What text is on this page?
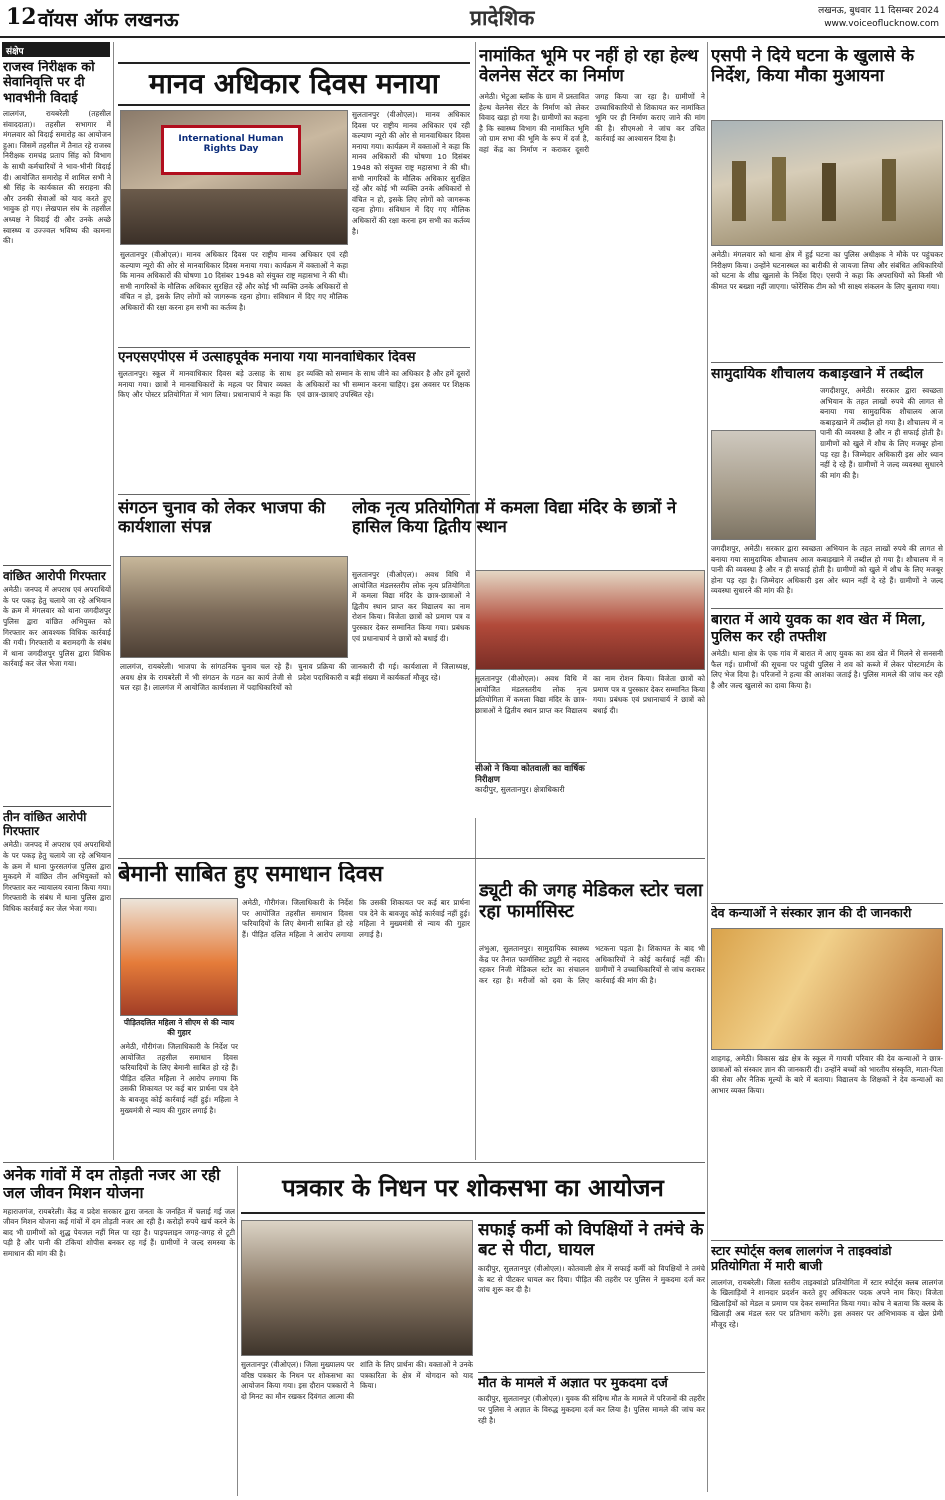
12 वॉयस ऑफ लखनऊ	प्रादेशिक	लखनऊ, बुधवार 11 दिसम्बर 2024
www.voiceoflucknow.com
संक्षेप
राजस्व निरीक्षक को सेवानिवृत्ति पर दी भावभीनी विदाई
लालगंज, रायबरेली (तहसील संवाददाता)। तहसील सभागार में मंगलवार को विदाई समारोह का आयोजन हुआ। जिसमें तहसील में तैनात रहे राजस्व निरीक्षक रामचंद्र प्रताप सिंह को विभाग के साथी कर्मचारियों ने भाव-भीनी विदाई दी। आयोजित समारोह में शामिल सभी ने श्री सिंह के कार्यकाल की सराहना की और उनकी सेवाओं को याद करते हुए भावुक हो गए। लेखपाल संघ के तहसील अध्यक्ष ने विदाई दी और उनके अच्छे स्वास्थ्य व उज्ज्वल भविष्य की कामना की।
वांछित आरोपी गिरफ्तार
अमेठी। जनपद में अपराध एवं अपराधियों के पर पकड़ हेतु चलाये जा रहे अभियान के क्रम में मंगलवार को थाना जगदीशपुर पुलिस द्वारा वांछित अभियुक्त को गिरफ्तार कर आवश्यक विधिक कार्रवाई की गयी। गिरफ्तारी व बरामदगी के संबंध में थाना जगदीशपुर पुलिस द्वारा विधिक कार्रवाई कर जेल भेजा गया।
तीन वांछित आरोपी गिरफ्तार
अमेठी। जनपद में अपराध एवं अपराधियों के पर पकड़ हेतु चलाये जा रहे अभियान के क्रम में थाना फुरसतगंज पुलिस द्वारा मुकदमे में वांछित तीन अभियुक्तों को गिरफ्तार कर न्यायालय रवाना किया गया। गिरफ्तारी के संबंध में थाना पुलिस द्वारा विधिक कार्रवाई कर जेल भेजा गया।
मानव अधिकार दिवस मनाया
International Human Rights Day
सुलतानपुर (वीओएल)। मानव अधिकार दिवस पर राष्ट्रीय मानव अधिकार एवं रही कल्याण न्यूरो की ओर से मानवाधिकार दिवस मनाया गया। कार्यक्रम में वक्ताओं ने कहा कि मानव अधिकारों की घोषणा 10 दिसंबर 1948 को संयुक्त राष्ट्र महासभा ने की थी। सभी नागरिकों के मौलिक अधिकार सुरक्षित रहें और कोई भी व्यक्ति उनके अधिकारों से वंचित न हो, इसके लिए लोगों को जागरूक रहना होगा। संविधान में दिए गए मौलिक अधिकारों की रक्षा करना हम सभी का कर्तव्य है।
सुलतानपुर (वीओएल)। मानव अधिकार दिवस पर राष्ट्रीय मानव अधिकार एवं रही कल्याण न्यूरो की ओर से मानवाधिकार दिवस मनाया गया। कार्यक्रम में वक्ताओं ने कहा कि मानव अधिकारों की घोषणा 10 दिसंबर 1948 को संयुक्त राष्ट्र महासभा ने की थी। सभी नागरिकों के मौलिक अधिकार सुरक्षित रहें और कोई भी व्यक्ति उनके अधिकारों से वंचित न हो, इसके लिए लोगों को जागरूक रहना होगा। संविधान में दिए गए मौलिक अधिकारों की रक्षा करना हम सभी का कर्तव्य है।
एनएसएपीएस में उत्साहपूर्वक मनाया गया मानवाधिकार दिवस
सुलतानपुर। स्कूल में मानवाधिकार दिवस बड़े उत्साह के साथ मनाया गया। छात्रों ने मानवाधिकारों के महत्व पर विचार व्यक्त किए और पोस्टर प्रतियोगिता में भाग लिया। प्रधानाचार्य ने कहा कि हर व्यक्ति को सम्मान के साथ जीने का अधिकार है और हमें दूसरों के अधिकारों का भी सम्मान करना चाहिए। इस अवसर पर शिक्षक एवं छात्र-छात्राएं उपस्थित रहे।
नामांकित भूमि पर नहीं हो रहा हेल्थ वेलनेस सेंटर का निर्माण
अमेठी। भेटुआ ब्लॉक के ग्राम में प्रस्तावित हेल्थ वेलनेस सेंटर के निर्माण को लेकर विवाद खड़ा हो गया है। ग्रामीणों का कहना है कि स्वास्थ्य विभाग की नामांकित भूमि जो ग्राम सभा की भूमि के रूप में दर्ज है, वहां केंद्र का निर्माण न कराकर दूसरी जगह किया जा रहा है। ग्रामीणों ने उच्चाधिकारियों से शिकायत कर नामांकित भूमि पर ही निर्माण कराए जाने की मांग की है। सीएमओ ने जांच कर उचित कार्रवाई का आश्वासन दिया है।
एसपी ने दिये घटना के खुलासे के निर्देश, किया मौका मुआयना
अमेठी। मंगलवार को थाना क्षेत्र में हुई घटना का पुलिस अधीक्षक ने मौके पर पहुंचकर निरीक्षण किया। उन्होंने घटनास्थल का बारीकी से जायजा लिया और संबंधित अधिकारियों को घटना के शीघ्र खुलासे के निर्देश दिए। एसपी ने कहा कि अपराधियों को किसी भी कीमत पर बख्शा नहीं जाएगा। फोरेंसिक टीम को भी साक्ष्य संकलन के लिए बुलाया गया।
सामुदायिक शौचालय कबाड़खाने में तब्दील
जगदीशपुर, अमेठी। सरकार द्वारा स्वच्छता अभियान के तहत लाखों रुपये की लागत से बनाया गया सामुदायिक शौचालय आज कबाड़खाने में तब्दील हो गया है। शौचालय में न पानी की व्यवस्था है और न ही सफाई होती है। ग्रामीणों को खुले में शौच के लिए मजबूर होना पड़ रहा है। जिम्मेदार अधिकारी इस ओर ध्यान नहीं दे रहे हैं। ग्रामीणों ने जल्द व्यवस्था सुधारने की मांग की है।
जगदीशपुर, अमेठी। सरकार द्वारा स्वच्छता अभियान के तहत लाखों रुपये की लागत से बनाया गया सामुदायिक शौचालय आज कबाड़खाने में तब्दील हो गया है। शौचालय में न पानी की व्यवस्था है और न ही सफाई होती है। ग्रामीणों को खुले में शौच के लिए मजबूर होना पड़ रहा है। जिम्मेदार अधिकारी इस ओर ध्यान नहीं दे रहे हैं। ग्रामीणों ने जल्द व्यवस्था सुधारने की मांग की है।
बारात में आये युवक का शव खेत में मिला, पुलिस कर रही तफ्तीश
अमेठी। थाना क्षेत्र के एक गांव में बारात में आए युवक का शव खेत में मिलने से सनसनी फैल गई। ग्रामीणों की सूचना पर पहुंची पुलिस ने शव को कब्जे में लेकर पोस्टमार्टम के लिए भेज दिया है। परिजनों ने हत्या की आशंका जताई है। पुलिस मामले की जांच कर रही है और जल्द खुलासे का दावा किया है।
देव कन्याओं ने संस्कार ज्ञान की दी जानकारी
शाहगढ़, अमेठी। विकास खंड क्षेत्र के स्कूल में गायत्री परिवार की देव कन्याओं ने छात्र-छात्राओं को संस्कार ज्ञान की जानकारी दी। उन्होंने बच्चों को भारतीय संस्कृति, माता-पिता की सेवा और नैतिक मूल्यों के बारे में बताया। विद्यालय के शिक्षकों ने देव कन्याओं का आभार व्यक्त किया।
स्टार स्पोर्ट्स क्लब लालगंज ने ताइक्वांडो प्रतियोगिता में मारी बाजी
लालगंज, रायबरेली। जिला स्तरीय ताइक्वांडो प्रतियोगिता में स्टार स्पोर्ट्स क्लब लालगंज के खिलाड़ियों ने शानदार प्रदर्शन करते हुए अधिकतर पदक अपने नाम किए। विजेता खिलाड़ियों को मेडल व प्रमाण पत्र देकर सम्मानित किया गया। कोच ने बताया कि क्लब के खिलाड़ी अब मंडल स्तर पर प्रतिभाग करेंगे। इस अवसर पर अभिभावक व खेल प्रेमी मौजूद रहे।
संगठन चुनाव को लेकर भाजपा की कार्यशाला संपन्न
लालगंज, रायबरेली। भाजपा के सांगठनिक चुनाव चल रहे हैं। अवध क्षेत्र के रायबरेली में भी संगठन के गठन का कार्य तेजी से चल रहा है। लालगंज में आयोजित कार्यशाला में पदाधिकारियों को चुनाव प्रक्रिया की जानकारी दी गई। कार्यशाला में जिलाध्यक्ष, प्रदेश पदाधिकारी व बड़ी संख्या में कार्यकर्ता मौजूद रहे।
लोक नृत्य प्रतियोगिता में कमला विद्या मंदिर के छात्रों ने हासिल किया द्वितीय स्थान
सुलतानपुर (वीओएल)। अवध विधि में आयोजित मंडलस्तरीय लोक नृत्य प्रतियोगिता में कमला विद्या मंदिर के छात्र-छात्राओं ने द्वितीय स्थान प्राप्त कर विद्यालय का नाम रोशन किया। विजेता छात्रों को प्रमाण पत्र व पुरस्कार देकर सम्मानित किया गया। प्रबंधक एवं प्रधानाचार्य ने छात्रों को बधाई दी।
सुलतानपुर (वीओएल)। अवध विधि में आयोजित मंडलस्तरीय लोक नृत्य प्रतियोगिता में कमला विद्या मंदिर के छात्र-छात्राओं ने द्वितीय स्थान प्राप्त कर विद्यालय का नाम रोशन किया। विजेता छात्रों को प्रमाण पत्र व पुरस्कार देकर सम्मानित किया गया। प्रबंधक एवं प्रधानाचार्य ने छात्रों को बधाई दी।
सीओ ने किया कोतवाली का वार्षिक निरीक्षण
कादीपुर, सुलतानपुर। क्षेत्राधिकारी
बेमानी साबित हुए समाधान दिवस
पीड़ितदलित महिला ने सीएम से की न्याय की गुहार
अमेठी, गौरीगंज। जिलाधिकारी के निर्देश पर आयोजित तहसील समाधान दिवस फरियादियों के लिए बेमानी साबित हो रहे हैं। पीड़ित दलित महिला ने आरोप लगाया कि उसकी शिकायत पर कई बार प्रार्थना पत्र देने के बावजूद कोई कार्रवाई नहीं हुई। महिला ने मुख्यमंत्री से न्याय की गुहार लगाई है।
अमेठी, गौरीगंज। जिलाधिकारी के निर्देश पर आयोजित तहसील समाधान दिवस फरियादियों के लिए बेमानी साबित हो रहे हैं। पीड़ित दलित महिला ने आरोप लगाया कि उसकी शिकायत पर कई बार प्रार्थना पत्र देने के बावजूद कोई कार्रवाई नहीं हुई। महिला ने मुख्यमंत्री से न्याय की गुहार लगाई है।
ड्यूटी की जगह मेडिकल स्टोर चला रहा फार्मासिस्ट
लंभुआ, सुलतानपुर। सामुदायिक स्वास्थ्य केंद्र पर तैनात फार्मासिस्ट ड्यूटी से नदारद रहकर निजी मेडिकल स्टोर का संचालन कर रहा है। मरीजों को दवा के लिए भटकना पड़ता है। शिकायत के बाद भी अधिकारियों ने कोई कार्रवाई नहीं की। ग्रामीणों ने उच्चाधिकारियों से जांच कराकर कार्रवाई की मांग की है।
अनेक गांवों में दम तोड़ती नजर आ रही जल जीवन मिशन योजना
महाराजगंज, रायबरेली। केंद्र व प्रदेश सरकार द्वारा जनता के जनहित में चलाई गई जल जीवन मिशन योजना कई गांवों में दम तोड़ती नजर आ रही है। करोड़ों रुपये खर्च करने के बाद भी ग्रामीणों को शुद्ध पेयजल नहीं मिल पा रहा है। पाइपलाइन जगह-जगह से टूटी पड़ी है और पानी की टंकियां शोपीस बनकर रह गई हैं। ग्रामीणों ने जल्द समस्या के समाधान की मांग की है।
पत्रकार के निधन पर शोकसभा का आयोजन
सुलतानपुर (वीओएल)। जिला मुख्यालय पर वरिष्ठ पत्रकार के निधन पर शोकसभा का आयोजन किया गया। इस दौरान पत्रकारों ने दो मिनट का मौन रखकर दिवंगत आत्मा की शांति के लिए प्रार्थना की। वक्ताओं ने उनके पत्रकारिता के क्षेत्र में योगदान को याद किया।
सफाई कर्मी को विपक्षियों ने तमंचे के बट से पीटा, घायल
कादीपुर, सुलतानपुर (वीओएल)। कोतवाली क्षेत्र में सफाई कर्मी को विपक्षियों ने तमंचे के बट से पीटकर घायल कर दिया। पीड़ित की तहरीर पर पुलिस ने मुकदमा दर्ज कर जांच शुरू कर दी है।
मौत के मामले में अज्ञात पर मुकदमा दर्ज
कादीपुर, सुलतानपुर (वीओएल)। युवक की संदिग्ध मौत के मामले में परिजनों की तहरीर पर पुलिस ने अज्ञात के विरुद्ध मुकदमा दर्ज कर लिया है। पुलिस मामले की जांच कर रही है।
